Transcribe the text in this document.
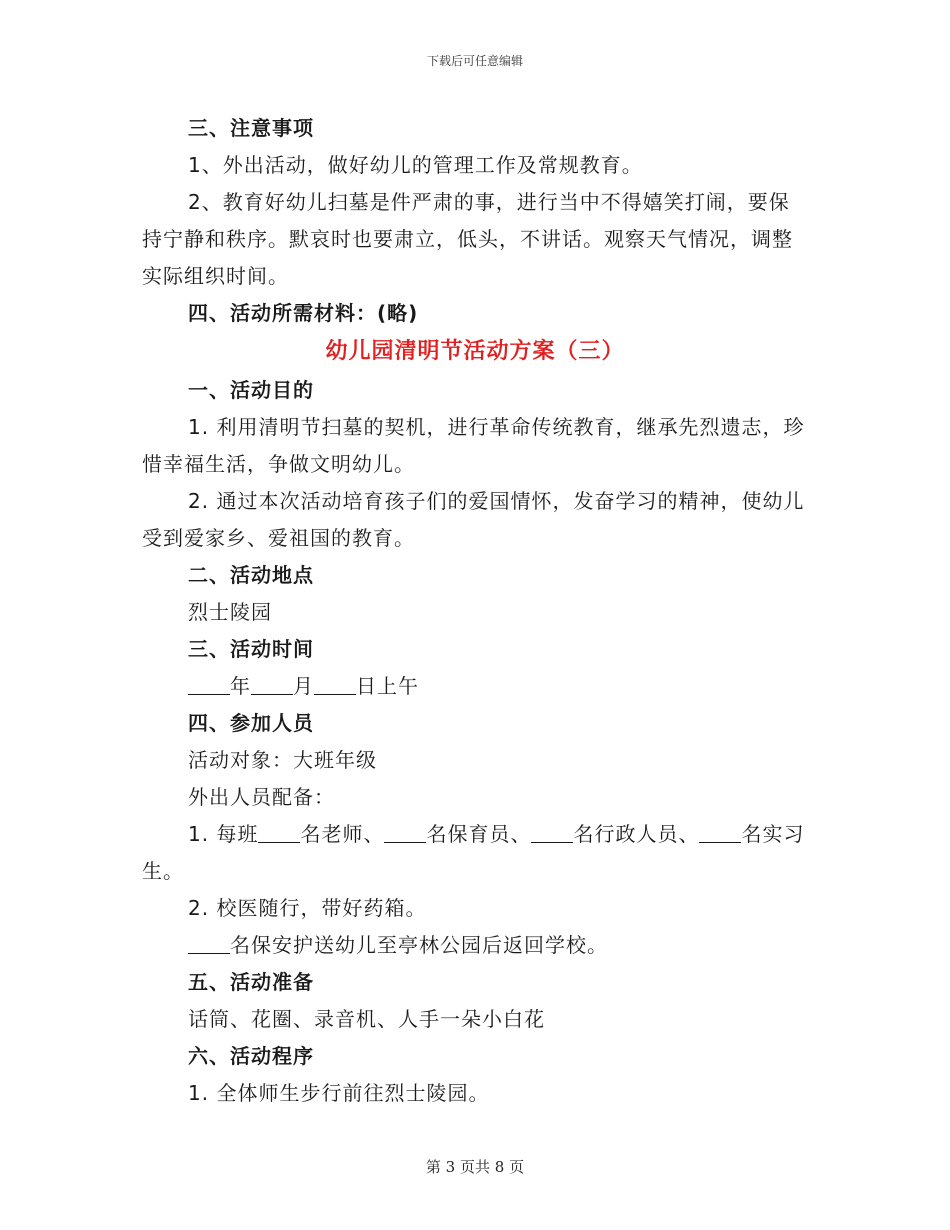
下载后可任意编辑

三、注意事项

1、外出活动，做好幼儿的管理工作及常规教育。

2、教育好幼儿扫墓是件严肃的事，进行当中不得嬉笑打闹，要保持宁静和秩序。默哀时也要肃立，低头，不讲话。观察天气情况，调整实际组织时间。

四、活动所需材料：(略)

幼儿园清明节活动方案（三）

一、活动目的

1. 利用清明节扫墓的契机，进行革命传统教育，继承先烈遗志，珍惜幸福生活，争做文明幼儿。

2. 通过本次活动培育孩子们的爱国情怀，发奋学习的精神，使幼儿受到爱家乡、爱祖国的教育。

二、活动地点

烈士陵园

三、活动时间

年 月 日上午

四、参加人员

活动对象：大班年级

外出人员配备：

1. 每班 名老师、 名保育员、 名行政人员、 名实习生。

2. 校医随行，带好药箱。

名保安护送幼儿至亭林公园后返回学校。

五、活动准备

话筒、花圈、录音机、人手一朵小白花

六、活动程序

1. 全体师生步行前往烈士陵园。

第 3 页共 8 页
